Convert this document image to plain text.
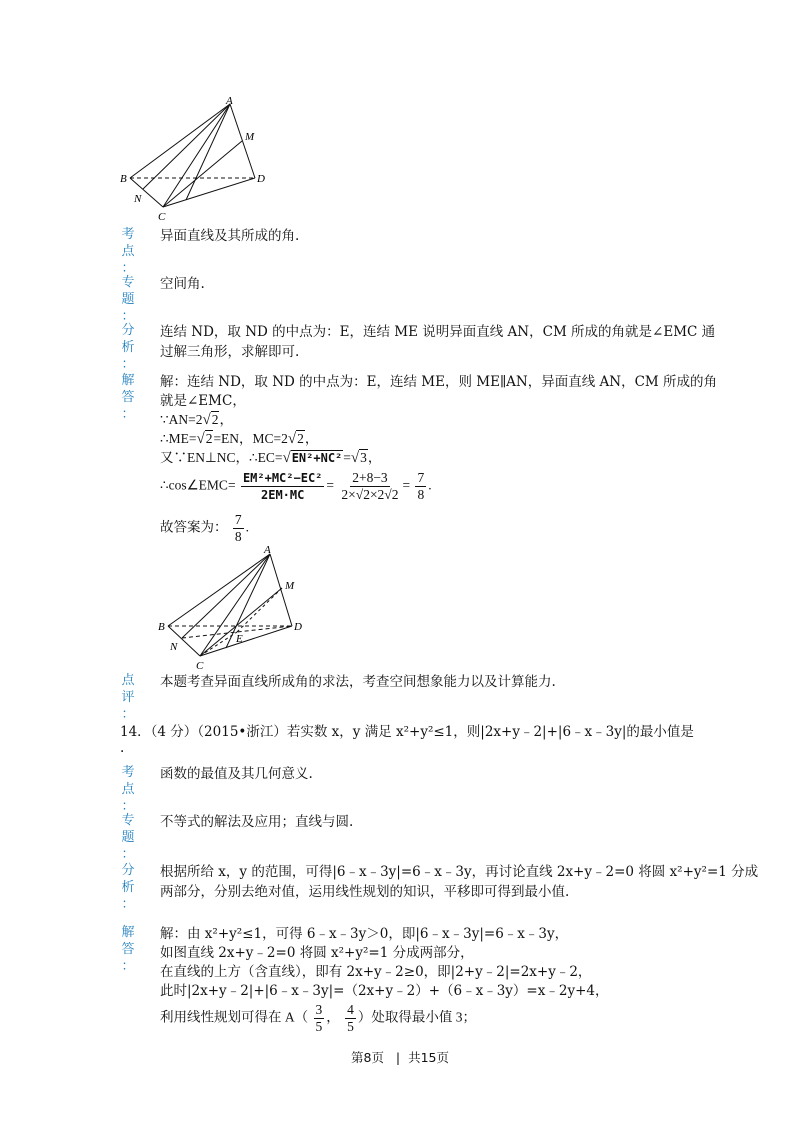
A
B
C
D
M
N
考
点
：
异面直线及其所成的角.
专
题
：
空间角.
分
析
：
连结 ND，取 ND 的中点为：E，连结 ME 说明异面直线 AN，CM 所成的角就是∠EMC 通
过解三角形，求解即可.
解
答
：
解：连结 ND，取 ND 的中点为：E，连结 ME，则 ME∥AN，异面直线 AN，CM 所成的角
就是∠EMC，
∵AN=2√2，
∴ME=√2=EN，MC=2√2，
又∵EN⊥NC，∴EC=√EN²+NC²=√3，
∴cos∠EMC= $\frac{\text{EM²+MC²−EC²}}{2EM\cdot MC} = \frac{2+8-3}{2\times√2\times 2√2} = \frac{7}{8}$ .
故答案为： $\frac{7}{8}$ .
A
B
C
D
M
N
E
点
评
：
本题考查异面直线所成角的求法，考查空间想象能力以及计算能力.
14．（4 分）（2015•浙江）若实数 x，y 满足 x²+y²≤1，则|2x+y﹣2|+|6﹣x﹣3y|的最小值是
.
考
点
：
函数的最值及其几何意义.
专
题
：
不等式的解法及应用；直线与圆.
分
析
：
根据所给 x，y 的范围，可得|6﹣x﹣3y|=6﹣x﹣3y，再讨论直线 2x+y﹣2=0 将圆 x²+y²=1 分成
两部分，分别去绝对值，运用线性规划的知识，平移即可得到最小值.
解
答
：
解：由 x²+y²≤1，可得 6﹣x﹣3y＞0，即|6﹣x﹣3y|=6﹣x﹣3y，
如图直线 2x+y﹣2=0 将圆 x²+y²=1 分成两部分，
在直线的上方（含直线），即有 2x+y﹣2≥0，即|2+y﹣2|=2x+y﹣2，
此时|2x+y﹣2|+|6﹣x﹣3y|=（2x+y﹣2）+（6﹣x﹣3y）=x﹣2y+4，
利用线性规划可得在 $A( \frac{3}{5}$ ， $\frac{4}{5}$ ）处取得最小值 3；
第8页 | 共15页
